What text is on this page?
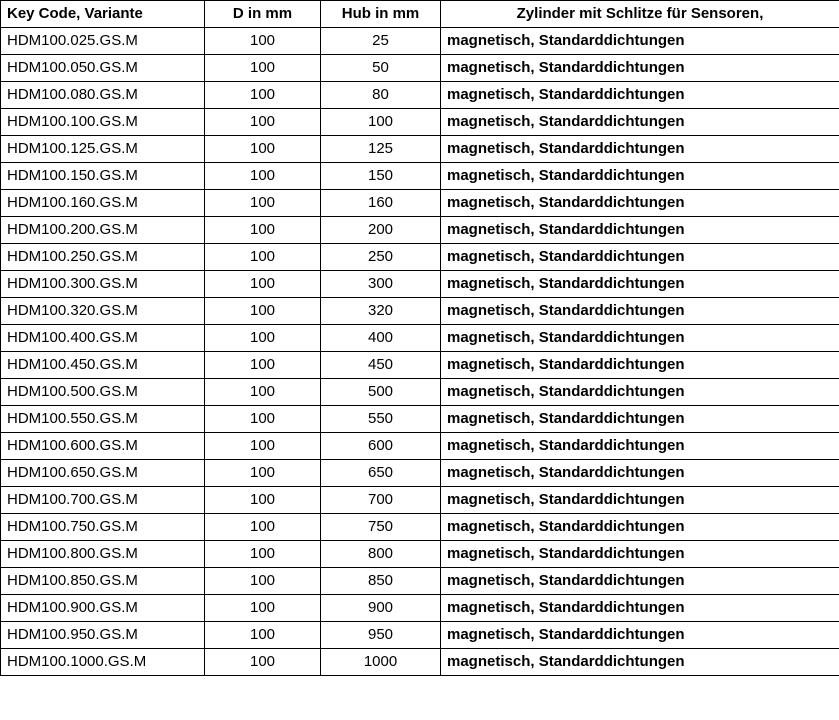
Key Code, Variante	D in mm	Hub in mm	Zylinder mit Schlitze für Sensoren,
HDM100.025.GS.M	100	25	magnetisch, Standarddichtungen
HDM100.050.GS.M	100	50	magnetisch, Standarddichtungen
HDM100.080.GS.M	100	80	magnetisch, Standarddichtungen
HDM100.100.GS.M	100	100	magnetisch, Standarddichtungen
HDM100.125.GS.M	100	125	magnetisch, Standarddichtungen
HDM100.150.GS.M	100	150	magnetisch, Standarddichtungen
HDM100.160.GS.M	100	160	magnetisch, Standarddichtungen
HDM100.200.GS.M	100	200	magnetisch, Standarddichtungen
HDM100.250.GS.M	100	250	magnetisch, Standarddichtungen
HDM100.300.GS.M	100	300	magnetisch, Standarddichtungen
HDM100.320.GS.M	100	320	magnetisch, Standarddichtungen
HDM100.400.GS.M	100	400	magnetisch, Standarddichtungen
HDM100.450.GS.M	100	450	magnetisch, Standarddichtungen
HDM100.500.GS.M	100	500	magnetisch, Standarddichtungen
HDM100.550.GS.M	100	550	magnetisch, Standarddichtungen
HDM100.600.GS.M	100	600	magnetisch, Standarddichtungen
HDM100.650.GS.M	100	650	magnetisch, Standarddichtungen
HDM100.700.GS.M	100	700	magnetisch, Standarddichtungen
HDM100.750.GS.M	100	750	magnetisch, Standarddichtungen
HDM100.800.GS.M	100	800	magnetisch, Standarddichtungen
HDM100.850.GS.M	100	850	magnetisch, Standarddichtungen
HDM100.900.GS.M	100	900	magnetisch, Standarddichtungen
HDM100.950.GS.M	100	950	magnetisch, Standarddichtungen
HDM100.1000.GS.M	100	1000	magnetisch, Standarddichtungen
